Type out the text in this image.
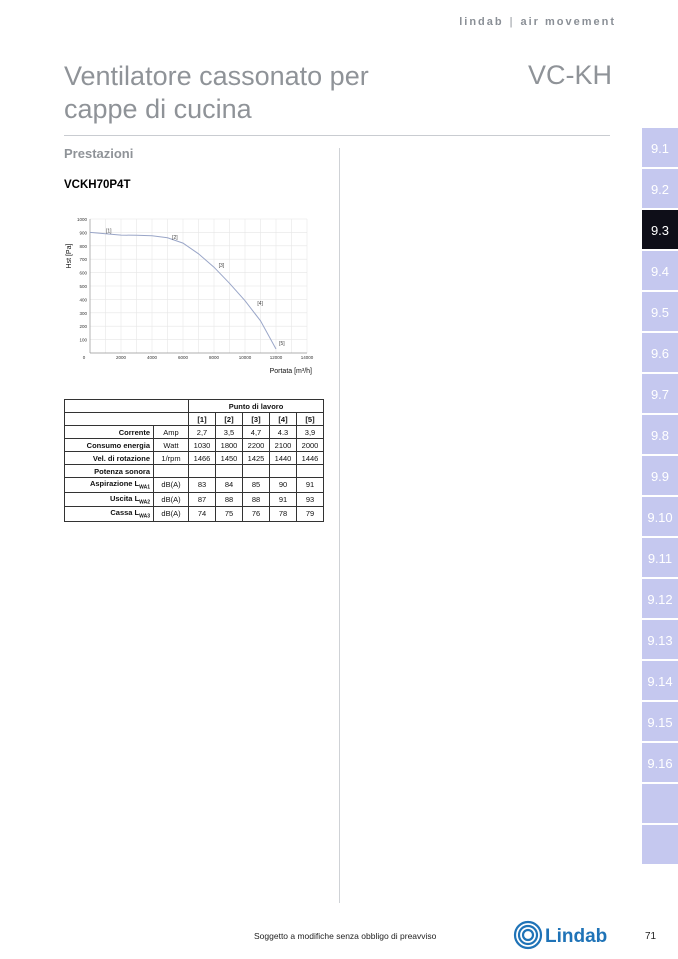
lindab | air movement
Ventilatore cassonato per cappe di cucina
VC-KH
Prestazioni
VCKH70P4T
100
200
300
400
500
600
700
800
900
1000
0	2000	4000	6000	8000	10000	12000	14000
Hst [Pa]
Portata [m³/h]
[1]
[2]
[3]
[4]
[5]
		Punto di lavoro				
		[1]	[2]	[3]	[4]	[5]
Corrente	Amp	2,7	3,5	4,7	4.3	3,9
Consumo energia	Watt	1030	1800	2200	2100	2000
Vel. di rotazione	1/rpm	1466	1450	1425	1440	1446
Potenza sonora						
Aspirazione $L_{WA1}$	dB(A)	83	84	85	90	91
Uscita $L_{WA2}$	dB(A)	87	88	88	91	93
Cassa $L_{WA3}$	dB(A)	74	75	76	78	79
9.1
9.2
9.3
9.4
9.5
9.6
9.7
9.8
9.9
9.10
9.11
9.12
9.13
9.14
9.15
9.16
Soggetto a modifiche senza obbligo di preavviso	Lindab	71
